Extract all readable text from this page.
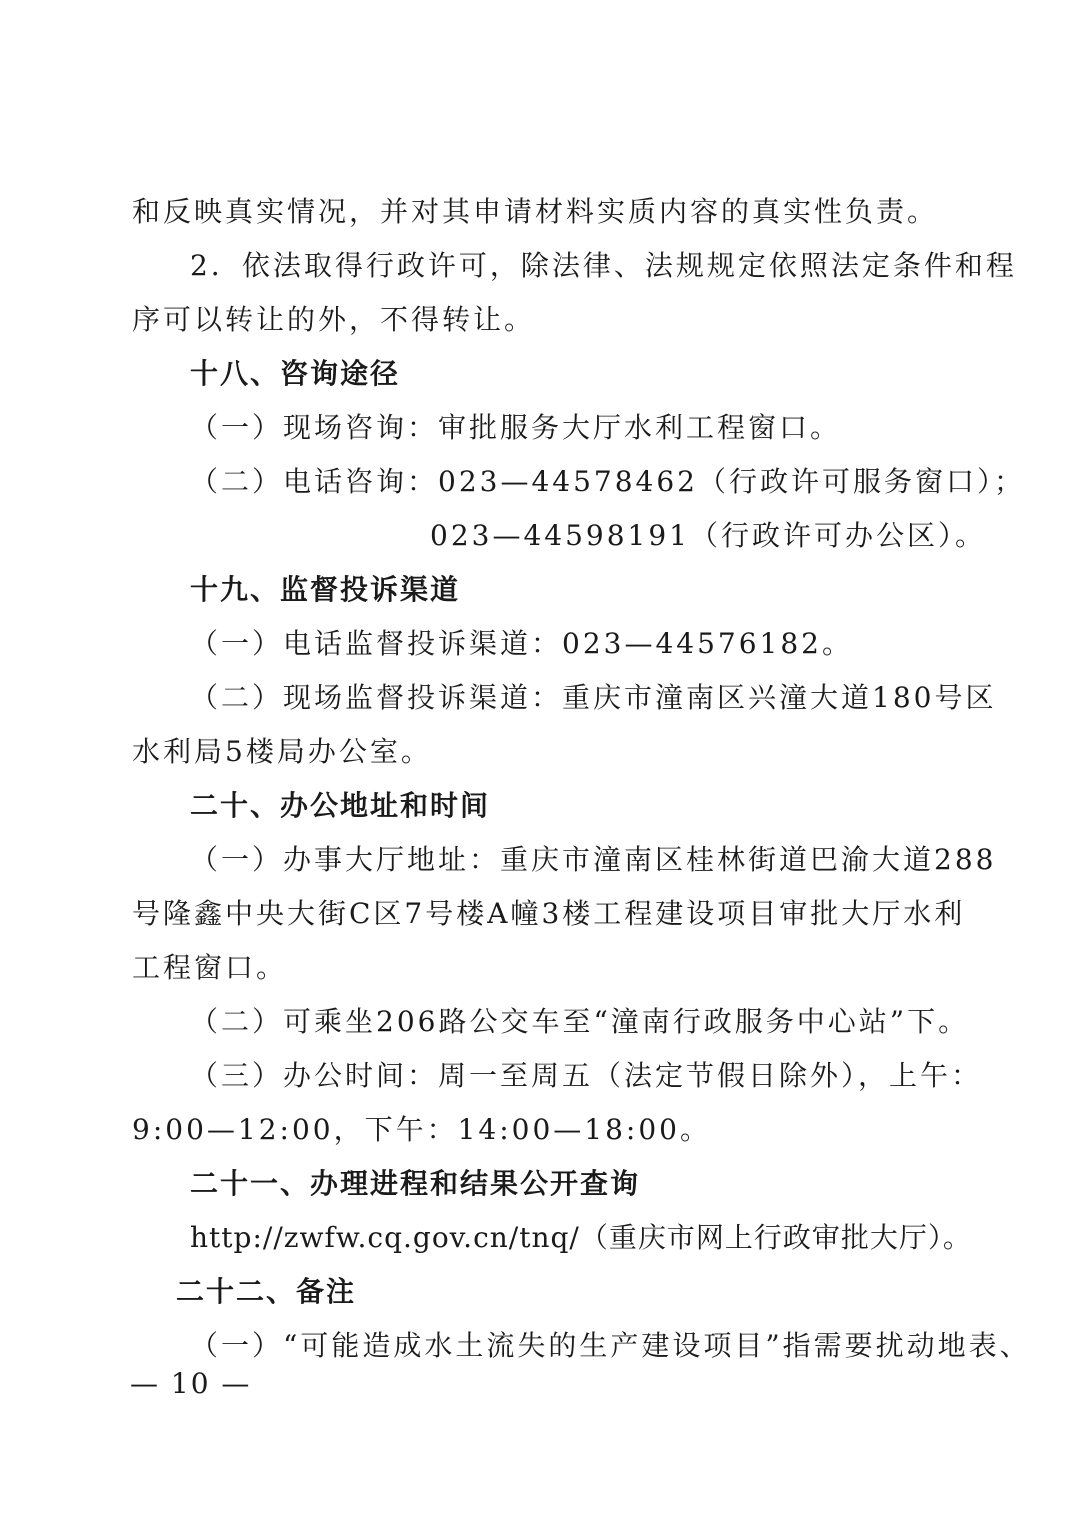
和反映真实情况，并对其申请材料实质内容的真实性负责。
2．依法取得行政许可，除法律、法规规定依照法定条件和程
序可以转让的外，不得转让。
十八、咨询途径
（一）现场咨询：审批服务大厅水利工程窗口。
（二）电话咨询：023—44578462（行政许可服务窗口）；
023—44598191（行政许可办公区）。
十九、监督投诉渠道
（一）电话监督投诉渠道：023—44576182。
（二）现场监督投诉渠道：重庆市潼南区兴潼大道180号区
水利局5楼局办公室。
二十、办公地址和时间
（一）办事大厅地址：重庆市潼南区桂林街道巴渝大道288
号隆鑫中央大街C区7号楼A幢3楼工程建设项目审批大厅水利
工程窗口。
（二）可乘坐206路公交车至“潼南行政服务中心站”下。
（三）办公时间：周一至周五（法定节假日除外），上午：
9:00—12:00，下午：14:00—18:00。
二十一、办理进程和结果公开查询
http://zwfw.cq.gov.cn/tnq/（重庆市网上行政审批大厅）。
二十二、备注
（一）“可能造成水土流失的生产建设项目”指需要扰动地表、
— 10 —
